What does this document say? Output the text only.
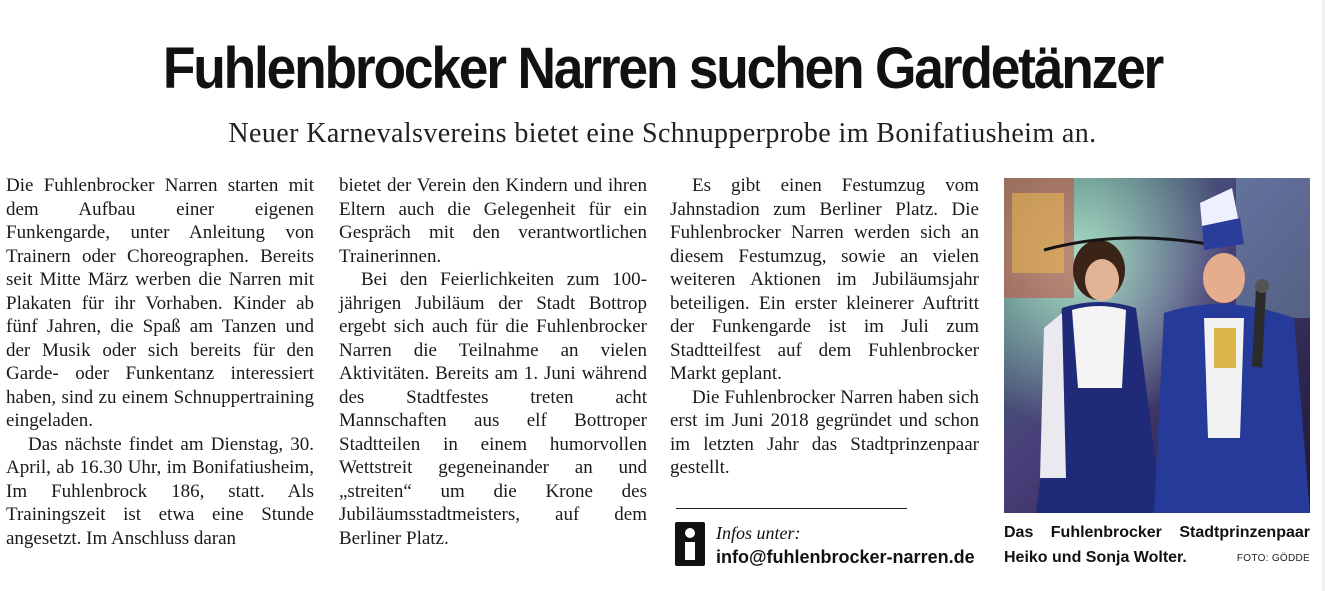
Fuhlenbrocker Narren suchen Gardetänzer
Neuer Karnevalsvereins bietet eine Schnupperprobe im Bonifatiusheim an.

Die Fuhlenbrocker Narren starten mit dem Aufbau einer eigenen Funkengarde, unter Anleitung von Trainern oder Choreographen. Bereits seit Mitte März werben die Narren mit Plakaten für ihr Vorhaben. Kinder ab fünf Jahren, die Spaß am Tanzen und der Musik oder sich bereits für den Garde- oder Funkentanz interessiert haben, sind zu einem Schnuppertraining eingeladen.

Das nächste findet am Dienstag, 30. April, ab 16.30 Uhr, im Bonifatiusheim, Im Fuhlenbrock 186, statt. Als Trainingszeit ist etwa eine Stunde angesetzt. Im Anschluss daran

bietet der Verein den Kindern und ihren Eltern auch die Gelegenheit für ein Gespräch mit den verantwortlichen Trainerinnen.

Bei den Feierlichkeiten zum 100-jährigen Jubiläum der Stadt Bottrop ergebt sich auch für die Fuhlenbrocker Narren die Teilnahme an vielen Aktivitäten. Bereits am 1. Juni während des Stadtfestes treten acht Mannschaften aus elf Bottroper Stadtteilen in einem humorvollen Wettstreit gegeneinander an und „streiten“ um die Krone des Jubiläumsstadtmeisters, auf dem Berliner Platz.

Es gibt einen Festumzug vom Jahnstadion zum Berliner Platz. Die Fuhlenbrocker Narren werden sich an diesem Festumzug, sowie an vielen weiteren Aktionen im Jubiläumsjahr beteiligen. Ein erster kleinerer Auftritt der Funkengarde ist im Juli zum Stadtteilfest auf dem Fuhlenbrocker Markt geplant.

Die Fuhlenbrocker Narren haben sich erst im Juni 2018 gegründet und schon im letzten Jahr das Stadtprinzenpaar gestellt.

Infos unter: info@fuhlenbrocker-narren.de
Das Fuhlenbrocker Stadtprinzenpaar
Heiko und Sonja Wolter.	FOTO: GÖDDE
